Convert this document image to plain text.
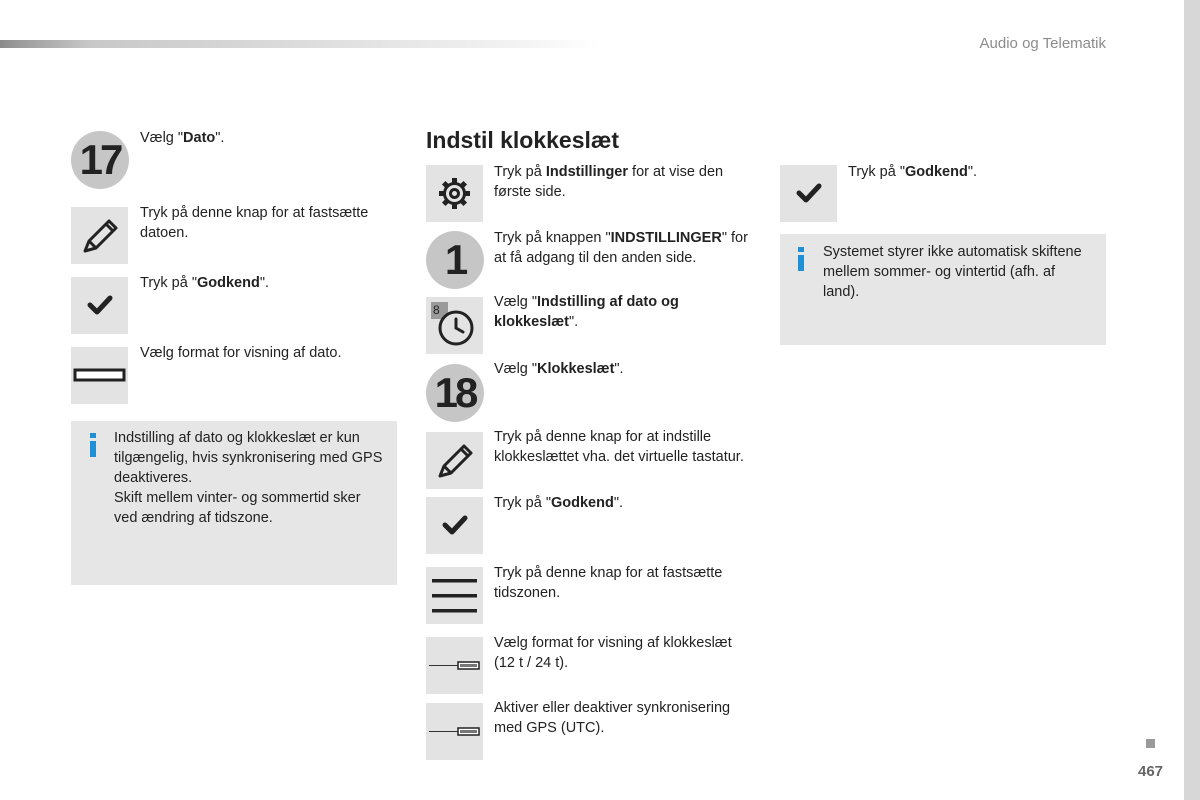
Audio og Telematik
467
17	Vælg "Dato".
Tryk på denne knap for at fastsætte datoen.
Tryk på "Godkend".
Vælg format for visning af dato.
Indstilling af dato og klokkeslæt er kun tilgængelig, hvis synkronisering med GPS deaktiveres.
Skift mellem vinter- og sommertid sker ved ændring af tidszone.
Indstil klokkeslæt
Tryk på Indstillinger for at vise den første side.
1	Tryk på knappen "INDSTILLINGER" for at få adgang til den anden side.
8	Vælg "Indstilling af dato og klokkeslæt".
18	Vælg "Klokkeslæt".
Tryk på denne knap for at indstille klokkeslættet vha. det virtuelle tastatur.
Tryk på "Godkend".
Tryk på denne knap for at fastsætte tidszonen.
Vælg format for visning af klokkeslæt (12 t / 24 t).
Aktiver eller deaktiver synkronisering med GPS (UTC).
Tryk på "Godkend".
Systemet styrer ikke automatisk skiftene mellem sommer- og vintertid (afh. af land).
